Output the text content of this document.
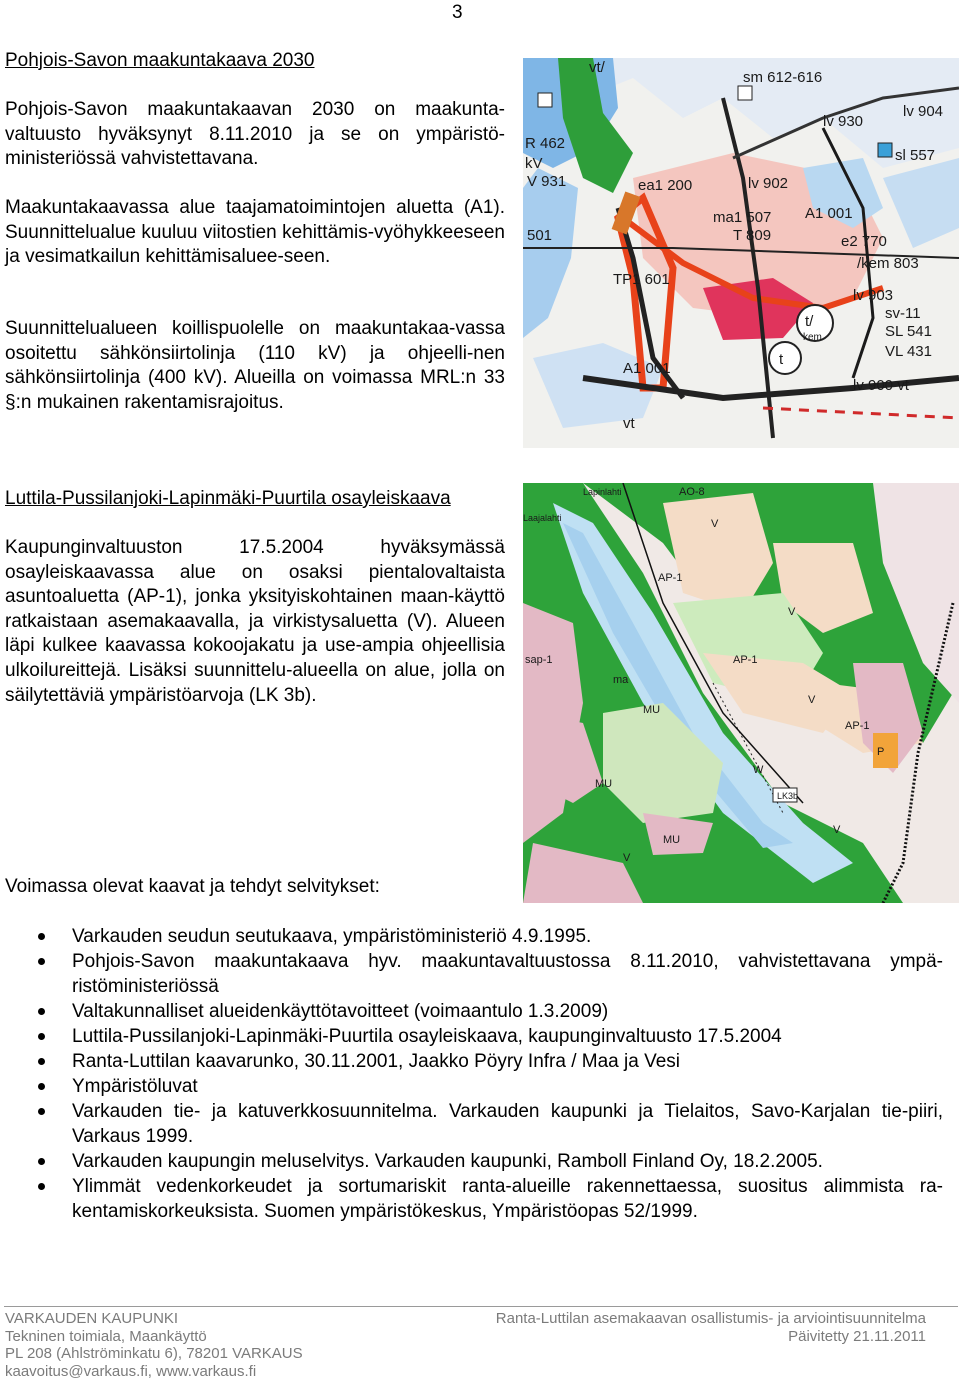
3
Pohjois-Savon maakuntakaava 2030
Pohjois-Savon maakuntakaavan 2030 on maakunta-valtuusto hyväksynyt 8.11.2010 ja se on ympäristö-ministeriössä vahvistettavana.
Maakuntakaavassa alue taajamatoimintojen aluetta (A1). Suunnittelualue kuuluu viitostien kehittämis-vyöhykkeeseen ja vesimatkailun kehittämisaluee-seen.
Suunnittelualueen koillispuolelle on maakuntakaa-vassa osoitettu sähkönsiirtolinja (110 kV) ja ohjeelli-nen sähkönsiirtolinja (400 kV). Alueilla on voimassa MRL:n 33 §:n mukainen rakentamisrajoitus.
vt/
sm 612-616
lv 930
lv 904
R 462
sl 557
kV
V 931	ea1 200	lv 902
501
ma1 507 A1 001
T 809	e2 770
/kem 803
TP1 601
lv 903
sv-11
SL 541
t/
kem
VL 431
A1 001
t
lv 900 vt
vt
Luttila-Pussilanjoki-Lapinmäki-Puurtila osayleiskaava
Kaupunginvaltuuston 17.5.2004 hyväksymässä osayleiskaavassa alue on osaksi pientalovaltaista asuntoaluetta (AP-1), jonka yksityiskohtainen maan-käyttö ratkaistaan asemakaavalla, ja virkistysaluetta (V). Alueen läpi kulkee kaavassa kokoojakatu ja use-ampia ohjeellisia ulkoilureittejä. Lisäksi suunnittelu-alueella on alue, jolla on säilytettäviä ympäristöarvoja (LK 3b).
AO-8
Lapinlahti
V
Laajalahti
AP-1
V
V
sap-1
ma
AP-1
AP-1
MU
MU
W
V
P
LK3b
MU
V
Voimassa olevat kaavat ja tehdyt selvitykset:
Varkauden seudun seutukaava, ympäristöministeriö 4.9.1995.
Pohjois-Savon maakuntakaava hyv. maakuntavaltuustossa 8.11.2010, vahvistettavana ympä-ristöministeriössä
Valtakunnalliset alueidenkäyttötavoitteet (voimaantulo 1.3.2009)
Luttila-Pussilanjoki-Lapinmäki-Puurtila osayleiskaava, kaupunginvaltuusto 17.5.2004
Ranta-Luttilan kaavarunko, 30.11.2001, Jaakko Pöyry Infra / Maa ja Vesi
Ympäristöluvat
Varkauden tie- ja katuverkkosuunnitelma. Varkauden kaupunki ja Tielaitos, Savo-Karjalan tie-piiri, Varkaus 1999.
Varkauden kaupungin meluselvitys. Varkauden kaupunki, Ramboll Finland Oy, 18.2.2005.
Ylimmät vedenkorkeudet ja sortumariskit ranta-alueille rakennettaessa, suositus alimmista ra-kentamiskorkeuksista. Suomen ympäristökeskus, Ympäristöopas 52/1999.
VARKAUDEN KAUPUNKI
Tekninen toimiala, Maankäyttö
PL 208 (Ahlströminkatu 6), 78201 VARKAUS
kaavoitus@varkaus.fi, www.varkaus.fi
Ranta-Luttilan asemakaavan osallistumis- ja arviointisuunnitelma
Päivitetty 21.11.2011
